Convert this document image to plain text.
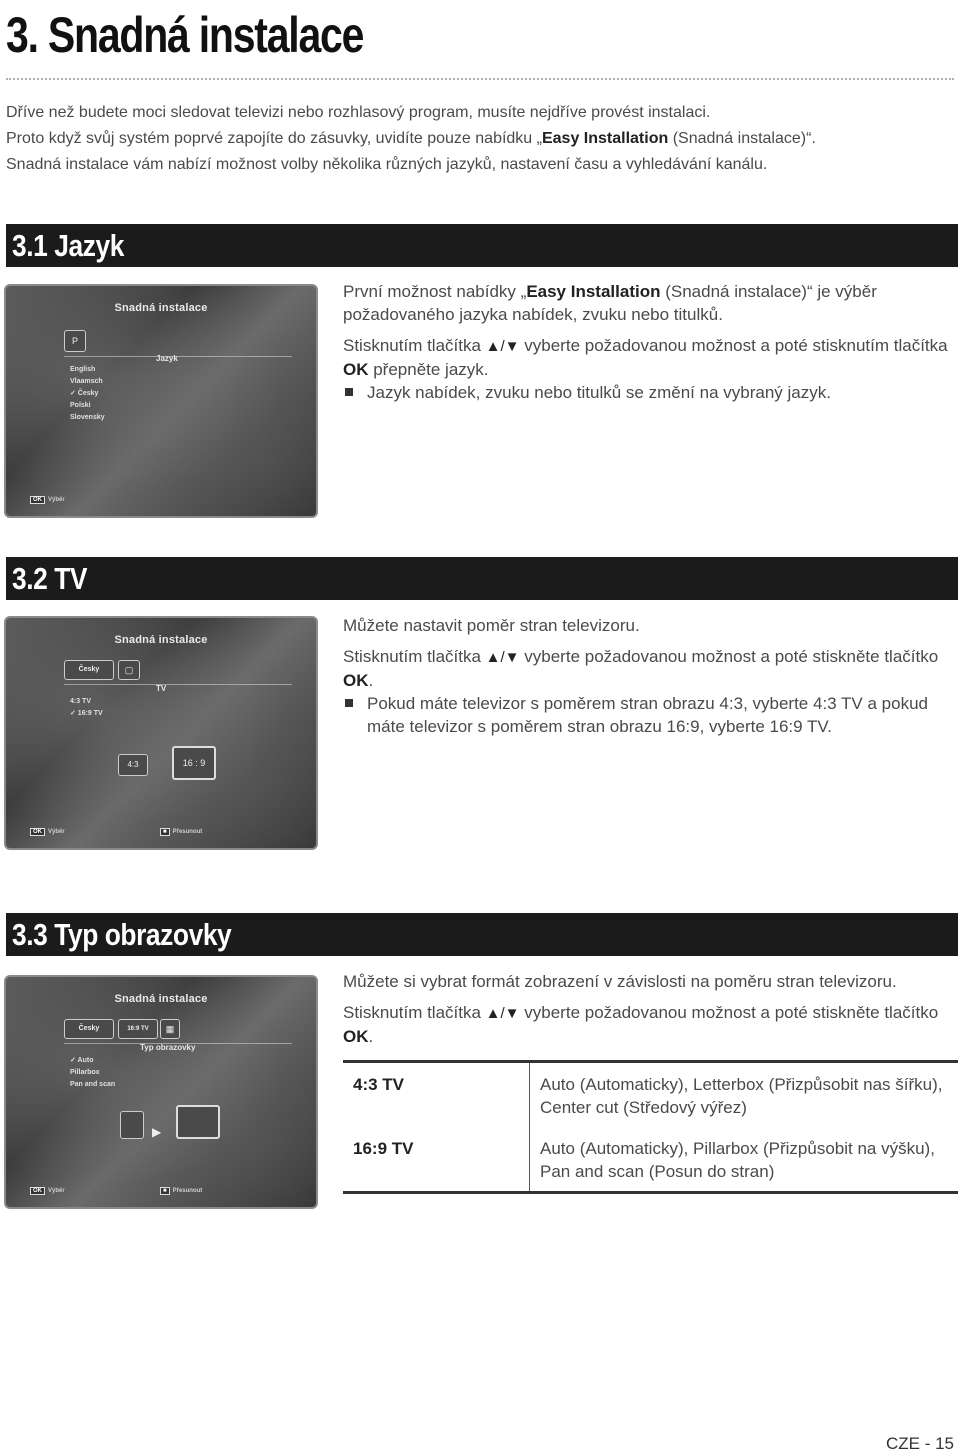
3. Snadná instalace
Dříve než budete moci sledovat televizi nebo rozhlasový program, musíte nejdříve provést instalaci.
Proto když svůj systém poprvé zapojíte do zásuvky, uvidíte pouze nabídku „Easy Installation (Snadná instalace)“.
Snadná instalace vám nabízí možnost volby několika různých jazyků, nastavení času a vyhledávání kanálu.
3.1 Jazyk
Snadná instalace
P
Jazyk
English
Vlaamsch
✓ Česky
Polski
Slovensky
OK	Výběr

První možnost nabídky „Easy Installation (Snadná instalace)“ je výběr požadovaného jazyka nabídek, zvuku nebo titulků.

Stisknutím tlačítka ▲/▼ vyberte požadovanou možnost a poté stisknutím tlačítka OK přepněte jazyk.

Jazyk nabídek, zvuku nebo titulků se změní na vybraný jazyk.
3.2 TV
Snadná instalace
Česky	▢
TV
4:3 TV
✓ 16:9 TV
4:3	16 : 9
OK	Výběr	■	Přesunout

Můžete nastavit poměr stran televizoru.

Stisknutím tlačítka ▲/▼ vyberte požadovanou možnost a poté stiskněte tlačítko OK.

Pokud máte televizor s poměrem stran obrazu 4:3, vyberte 4:3 TV a pokud máte televizor s poměrem stran obrazu 16:9, vyberte 16:9 TV.
3.3 Typ obrazovky
Snadná instalace
Česky	16:9 TV	▦
Typ obrazovky
✓ Auto
Pillarbox
Pan and scan
▶
OK	Výběr	■	Přesunout

Můžete si vybrat formát zobrazení v závislosti na poměru stran televizoru.

Stisknutím tlačítka ▲/▼ vyberte požadovanou možnost a poté stiskněte tlačítko OK.

4:3 TV	Auto (Automaticky), Letterbox (Přizpůsobit nas šířku), Center cut (Středový výřez)
16:9 TV	Auto (Automaticky), Pillarbox (Přizpůsobit na výšku), Pan and scan (Posun do stran)
CZE - 15
